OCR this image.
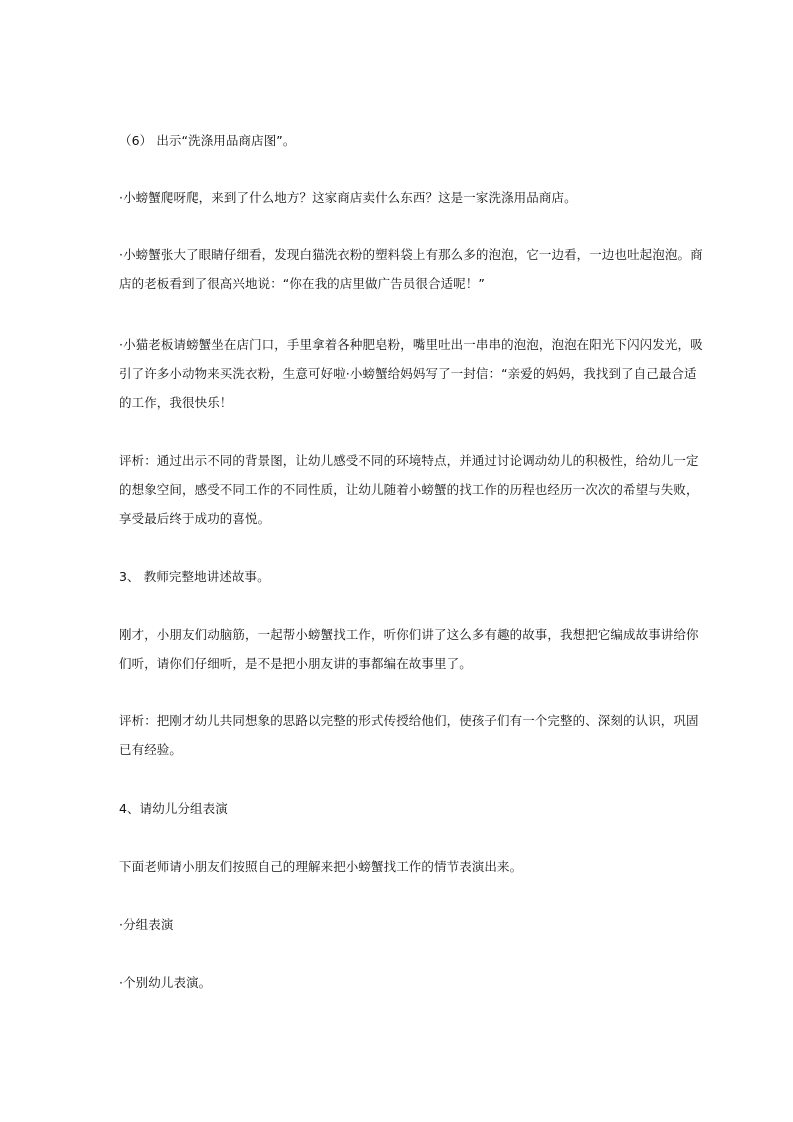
（6） 出示“洗涤用品商店图”。

·小螃蟹爬呀爬，来到了什么地方？这家商店卖什么东西？这是一家洗涤用品商店。

·小螃蟹张大了眼睛仔细看，发现白猫洗衣粉的塑料袋上有那么多的泡泡，它一边看，一边也吐起泡泡。商
店的老板看到了很高兴地说：“你在我的店里做广告员很合适呢！”

·小猫老板请螃蟹坐在店门口，手里拿着各种肥皂粉，嘴里吐出一串串的泡泡，泡泡在阳光下闪闪发光，吸
引了许多小动物来买洗衣粉，生意可好啦·小螃蟹给妈妈写了一封信：“亲爱的妈妈，我找到了自己最合适
的工作，我很快乐！

评析：通过出示不同的背景图，让幼儿感受不同的环境特点，并通过讨论调动幼儿的积极性，给幼儿一定
的想象空间，感受不同工作的不同性质，让幼儿随着小螃蟹的找工作的历程也经历一次次的希望与失败，
享受最后终于成功的喜悦。

3、 教师完整地讲述故事。

刚才，小朋友们动脑筋，一起帮小螃蟹找工作，听你们讲了这么多有趣的故事，我想把它编成故事讲给你
们听，请你们仔细听，是不是把小朋友讲的事都编在故事里了。

评析：把刚才幼儿共同想象的思路以完整的形式传授给他们，使孩子们有一个完整的、深刻的认识，巩固
已有经验。

4、请幼儿分组表演

下面老师请小朋友们按照自己的理解来把小螃蟹找工作的情节表演出来。

·分组表演

·个别幼儿表演。
